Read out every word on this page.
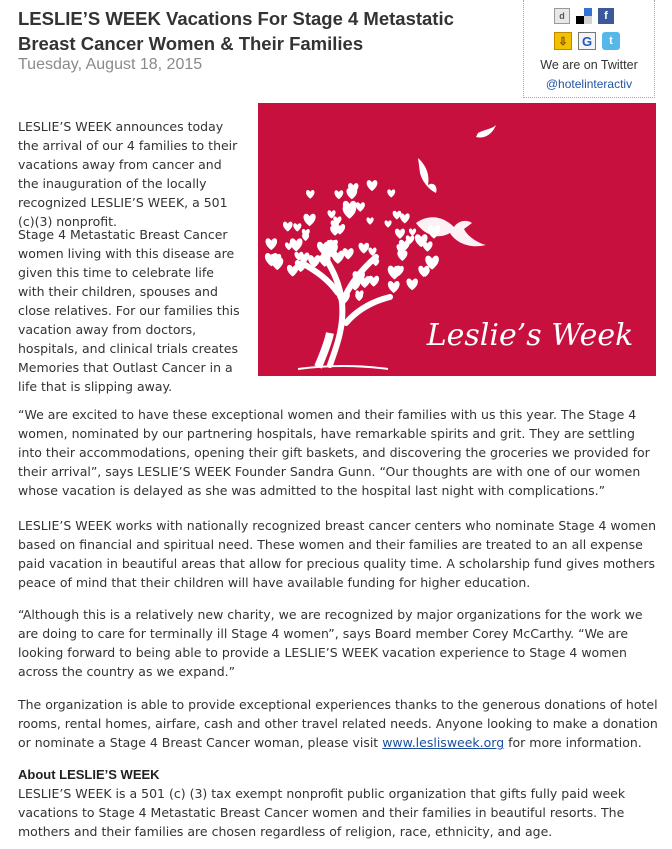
LESLIE’S WEEK Vacations For Stage 4 Metastatic Breast Cancer Women & Their Families
Tuesday, August 18, 2015
d	f
⇩	G	t
We are on Twitter
@hotelinteractiv

LESLIE’S WEEK announces today the arrival of our 4 families to their vacations away from cancer and the inauguration of the locally recognized LESLIE’S WEEK, a 501 (c)(3) nonprofit.

Stage 4 Metastatic Breast Cancer women living with this disease are given this time to celebrate life with their children, spouses and close relatives. For our families this vacation away from doctors, hospitals, and clinical trials creates Memories that Outlast Cancer in a life that is slipping away.

Leslie’s Week

“We are excited to have these exceptional women and their families with us this year. The Stage 4 women, nominated by our partnering hospitals, have remarkable spirits and grit. They are settling into their accommodations, opening their gift baskets, and discovering the groceries we provided for their arrival”, says LESLIE’S WEEK Founder Sandra Gunn. “Our thoughts are with one of our women whose vacation is delayed as she was admitted to the hospital last night with complications.”

LESLIE’S WEEK works with nationally recognized breast cancer centers who nominate Stage 4 women based on financial and spiritual need. These women and their families are treated to an all expense paid vacation in beautiful areas that allow for precious quality time. A scholarship fund gives mothers peace of mind that their children will have available funding for higher education.

“Although this is a relatively new charity, we are recognized by major organizations for the work we are doing to care for terminally ill Stage 4 women”, says Board member Corey McCarthy. “We are looking forward to being able to provide a LESLIE’S WEEK vacation experience to Stage 4 women across the country as we expand.”

The organization is able to provide exceptional experiences thanks to the generous donations of hotel rooms, rental homes, airfare, cash and other travel related needs. Anyone looking to make a donation or nominate a Stage 4 Breast Cancer woman, please visit www.leslisweek.org for more information.

About LESLIE’S WEEK

LESLIE’S WEEK is a 501 (c) (3) tax exempt nonprofit public organization that gifts fully paid week vacations to Stage 4 Metastatic Breast Cancer women and their families in beautiful resorts. The mothers and their families are chosen regardless of religion, race, ethnicity, and age.
